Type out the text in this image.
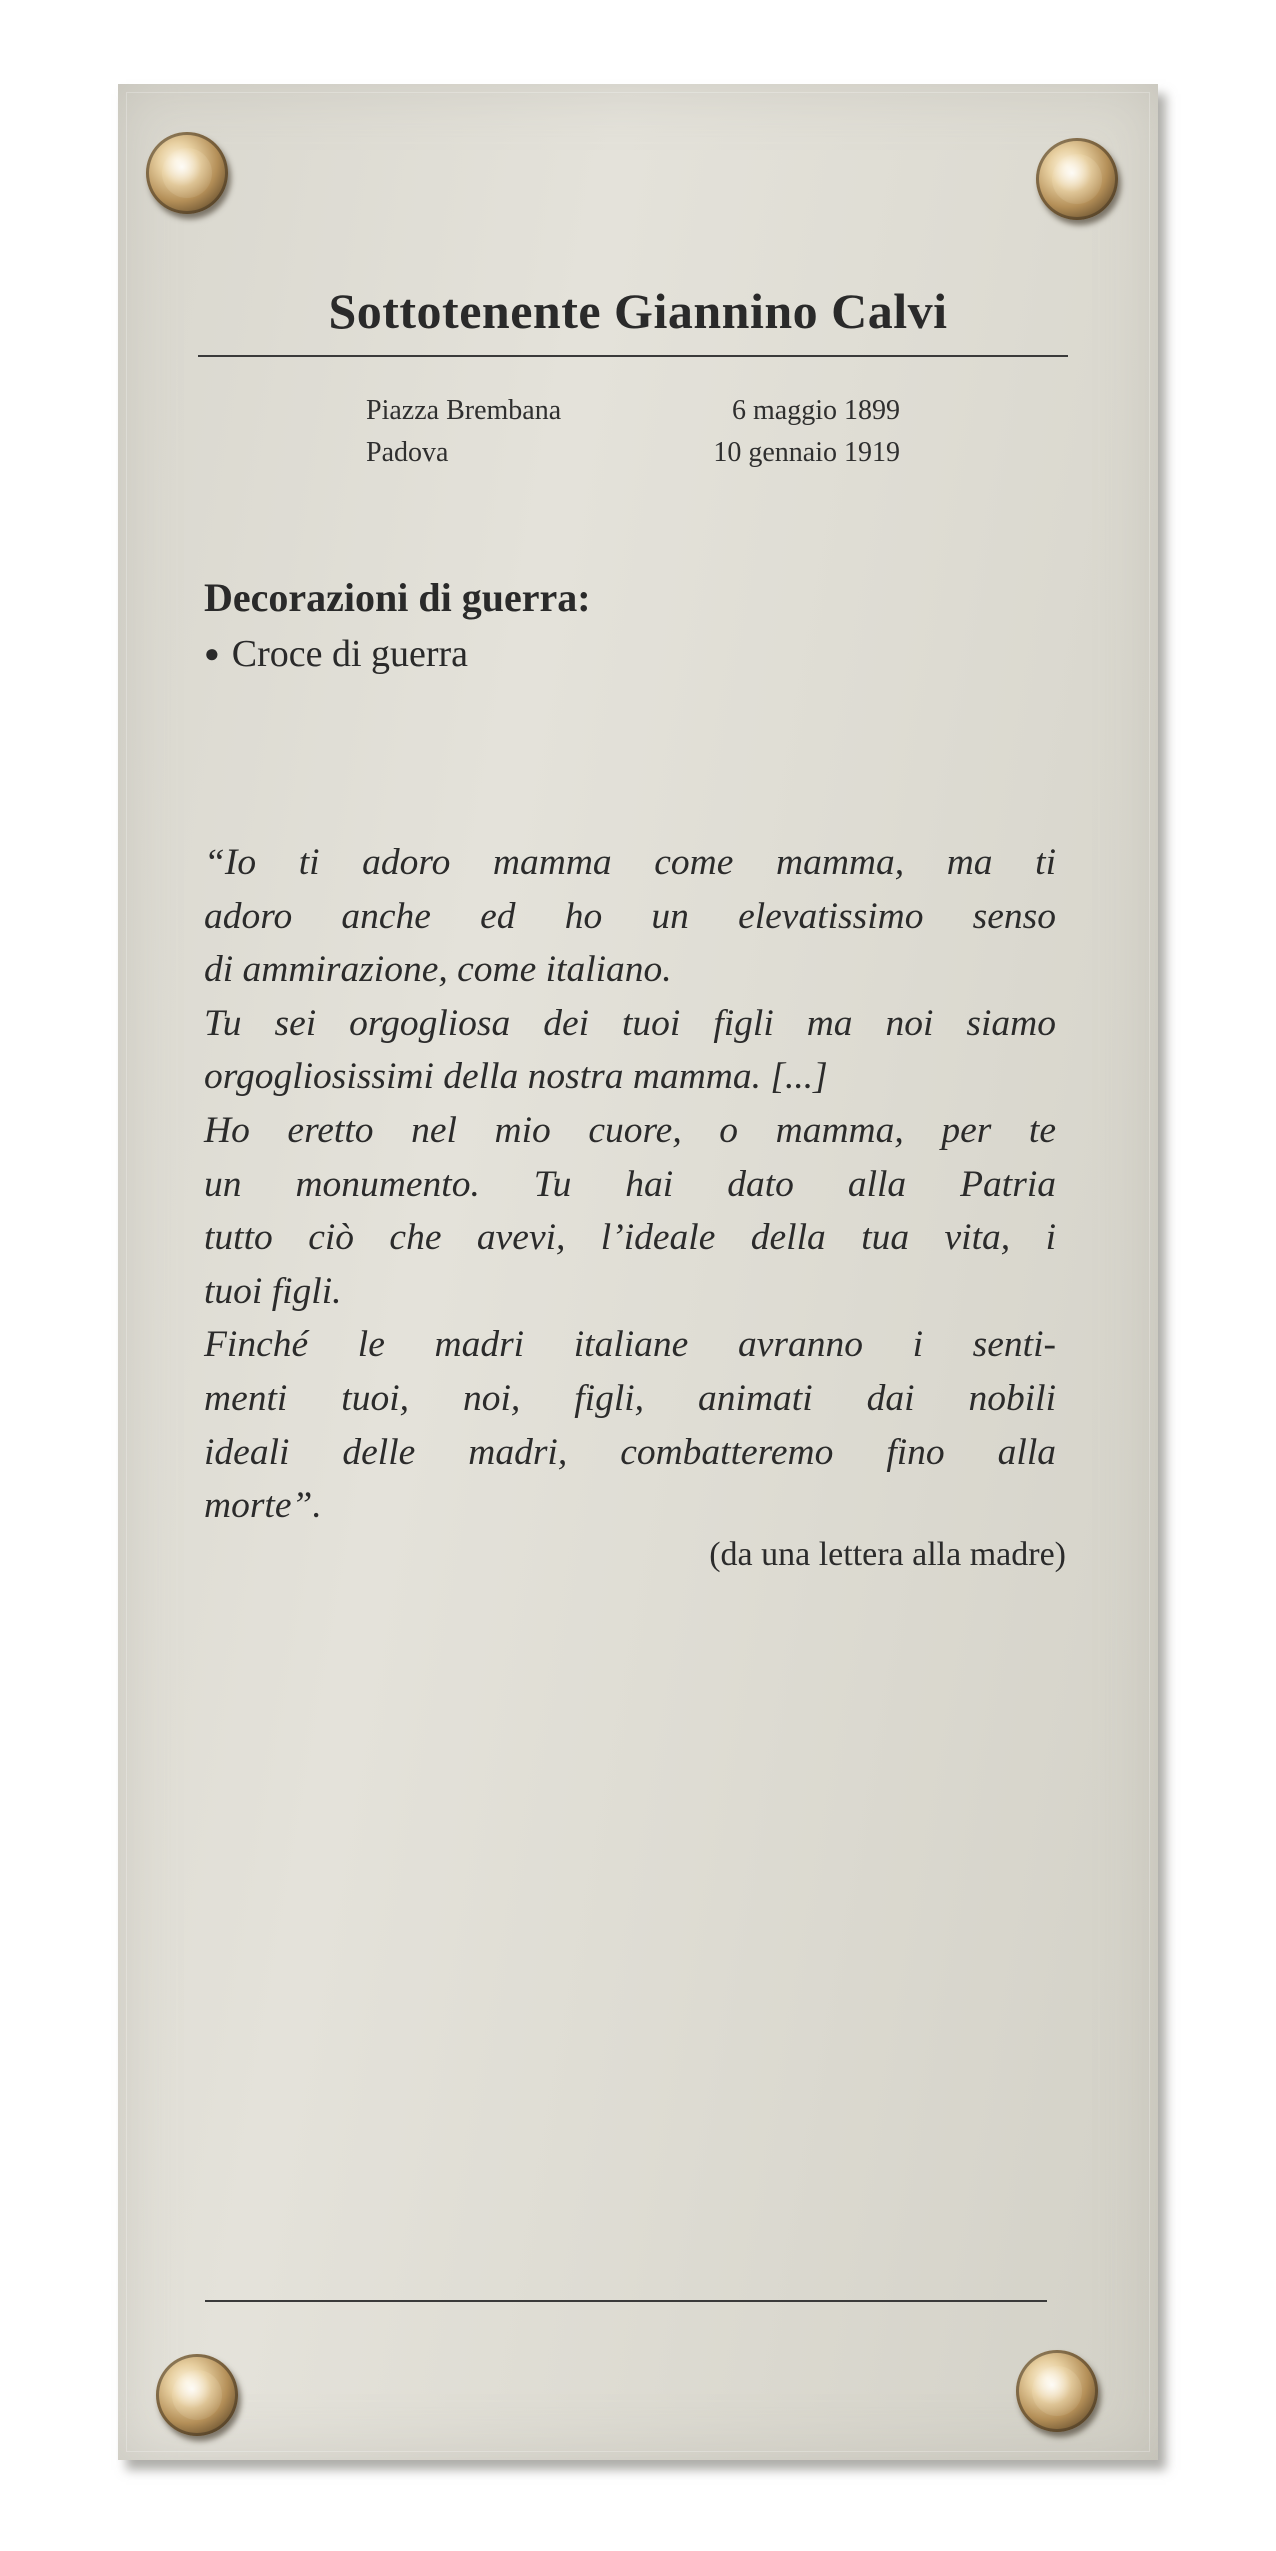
Sottotenente Giannino Calvi
Piazza Brembana
Padova
6 maggio 1899
10 gennaio 1919
Decorazioni di guerra:
● Croce di guerra
“Io ti adoro mamma come mamma, ma ti
adoro anche ed ho un elevatissimo senso
di ammirazione, come italiano.
Tu sei orgogliosa dei tuoi figli ma noi siamo
orgogliosissimi della nostra mamma. [...]
Ho eretto nel mio cuore, o mamma, per te
un monumento. Tu hai dato alla Patria
tutto ciò che avevi, l’ideale della tua vita, i
tuoi figli.
Finché le madri italiane avranno i senti-
menti tuoi, noi, figli, animati dai nobili
ideali delle madri, combatteremo fino alla
morte”.
(da una lettera alla madre)
